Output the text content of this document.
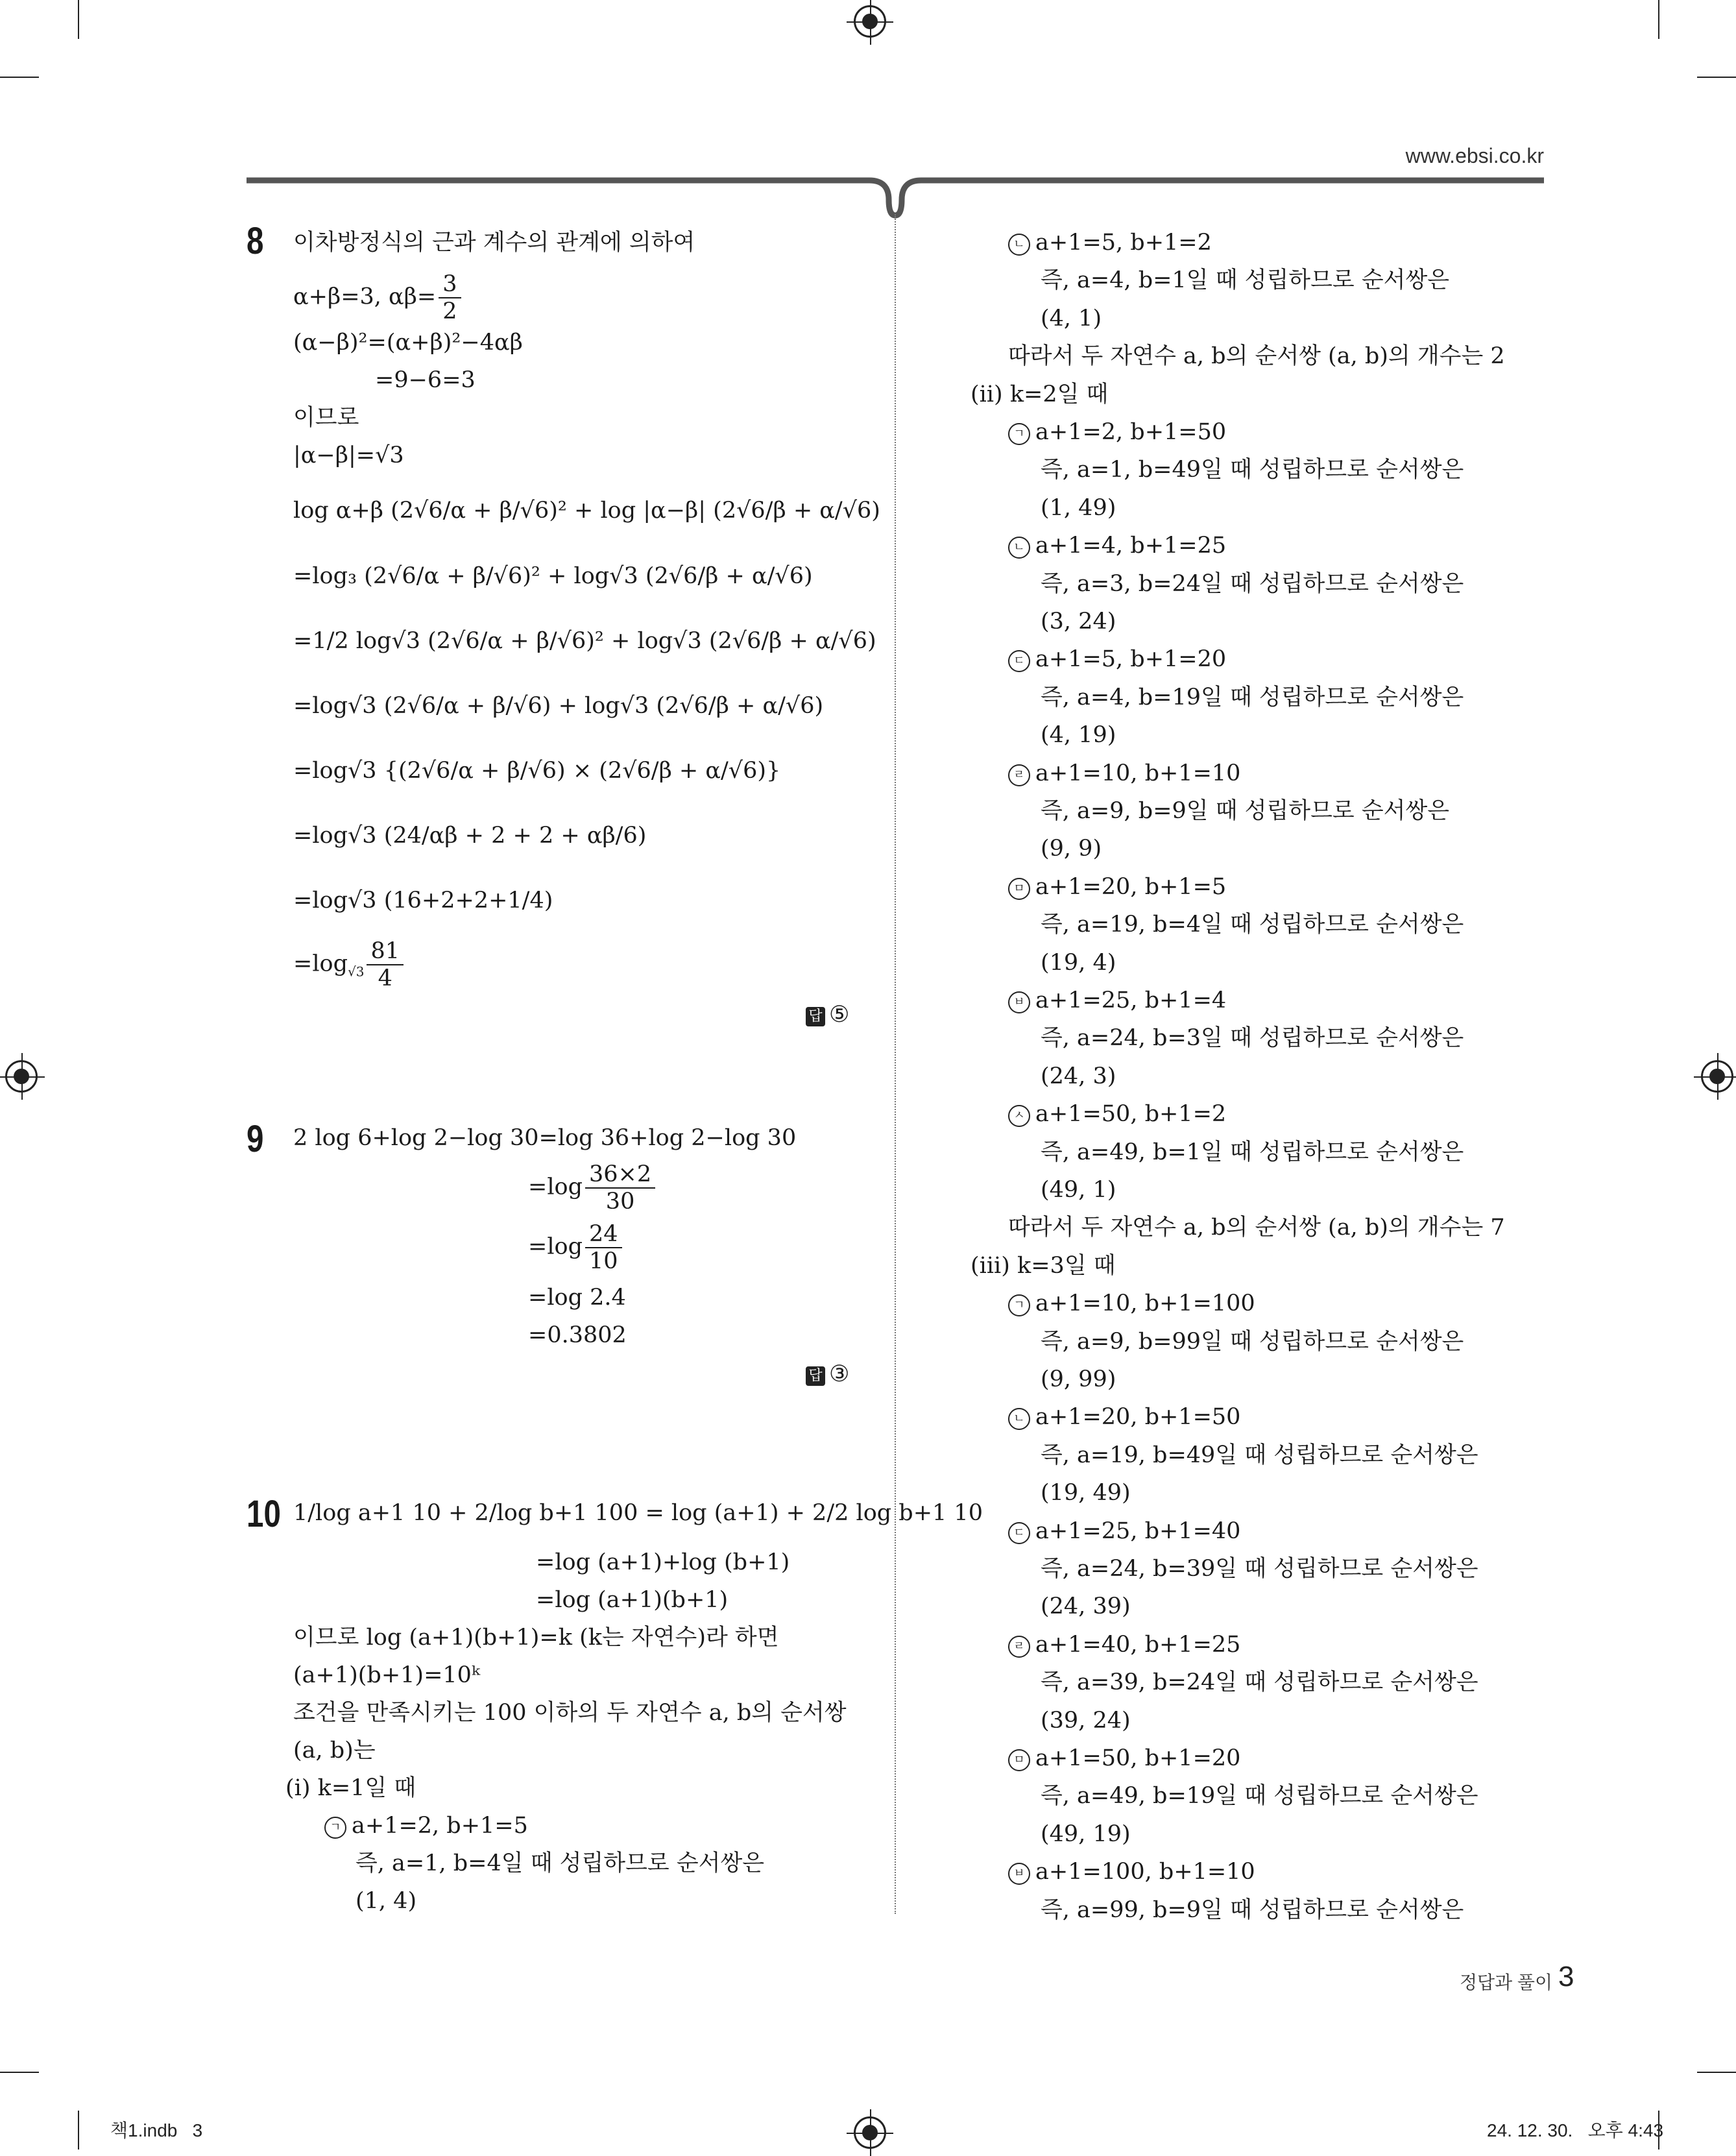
www.ebsi.co.kr
8 이차방정식의 근과 계수의 관계에 의하여
α+β=3, $\alpha\beta= \frac{3}{2}$
(α−β)²=(α+β)²−4αβ
=9−6=3
이므로
|α−β|=√3
log α+β (2√6/α + β/√6)² + log |α−β| (2√6/β + α/√6)
=log₃ (2√6/α + β/√6)² + log√3 (2√6/β + α/√6)
=1/2 log√3 (2√6/α + β/√6)² + log√3 (2√6/β + α/√6)
=log√3 (2√6/α + β/√6) + log√3 (2√6/β + α/√6)
=log√3 {(2√6/α + β/√6) × (2√6/β + α/√6)}
=log√3 (24/αβ + 2 + 2 + αβ/6)
=log√3 (16+2+2+1/4)
$=\log_{√3} \frac{81}{4}$
답 ⑤
9 2 log 6+log 2−log 30=log 36+log 2−log 30
$=\log \frac{36\times 2}{30}$
$=\log \frac{24}{10}$
=log 2.4
=0.3802
답 ③
10 1/log a+1 10 + 2/log b+1 100 = log (a+1) + 2/2 log b+1 10
=log (a+1)+log (b+1)
=log (a+1)(b+1)
이므로 log (a+1)(b+1)=k (k는 자연수)라 하면
(a+1)(b+1)=10ᵏ
조건을 만족시키는 100 이하의 두 자연수 a, b의 순서쌍
(a, b)는
(ⅰ) k=1일 때
ㄱ a+1=2, b+1=5
즉, a=1, b=4일 때 성립하므로 순서쌍은
(1, 4)
ㄴ a+1=5, b+1=2
즉, a=4, b=1일 때 성립하므로 순서쌍은
(4, 1)
따라서 두 자연수 a, b의 순서쌍 (a, b)의 개수는 2
(ⅱ) k=2일 때
ㄱ a+1=2, b+1=50
즉, a=1, b=49일 때 성립하므로 순서쌍은
(1, 49)
ㄴ a+1=4, b+1=25
즉, a=3, b=24일 때 성립하므로 순서쌍은
(3, 24)
ㄷ a+1=5, b+1=20
즉, a=4, b=19일 때 성립하므로 순서쌍은
(4, 19)
ㄹ a+1=10, b+1=10
즉, a=9, b=9일 때 성립하므로 순서쌍은
(9, 9)
ㅁ a+1=20, b+1=5
즉, a=19, b=4일 때 성립하므로 순서쌍은
(19, 4)
ㅂ a+1=25, b+1=4
즉, a=24, b=3일 때 성립하므로 순서쌍은
(24, 3)
ㅅ a+1=50, b+1=2
즉, a=49, b=1일 때 성립하므로 순서쌍은
(49, 1)
따라서 두 자연수 a, b의 순서쌍 (a, b)의 개수는 7
(ⅲ) k=3일 때
ㄱ a+1=10, b+1=100
즉, a=9, b=99일 때 성립하므로 순서쌍은
(9, 99)
ㄴ a+1=20, b+1=50
즉, a=19, b=49일 때 성립하므로 순서쌍은
(19, 49)
ㄷ a+1=25, b+1=40
즉, a=24, b=39일 때 성립하므로 순서쌍은
(24, 39)
ㄹ a+1=40, b+1=25
즉, a=39, b=24일 때 성립하므로 순서쌍은
(39, 24)
ㅁ a+1=50, b+1=20
즉, a=49, b=19일 때 성립하므로 순서쌍은
(49, 19)
ㅂ a+1=100, b+1=10
즉, a=99, b=9일 때 성립하므로 순서쌍은
정답과 풀이 3
책1.indb   3	24. 12. 30.   오후 4:43
